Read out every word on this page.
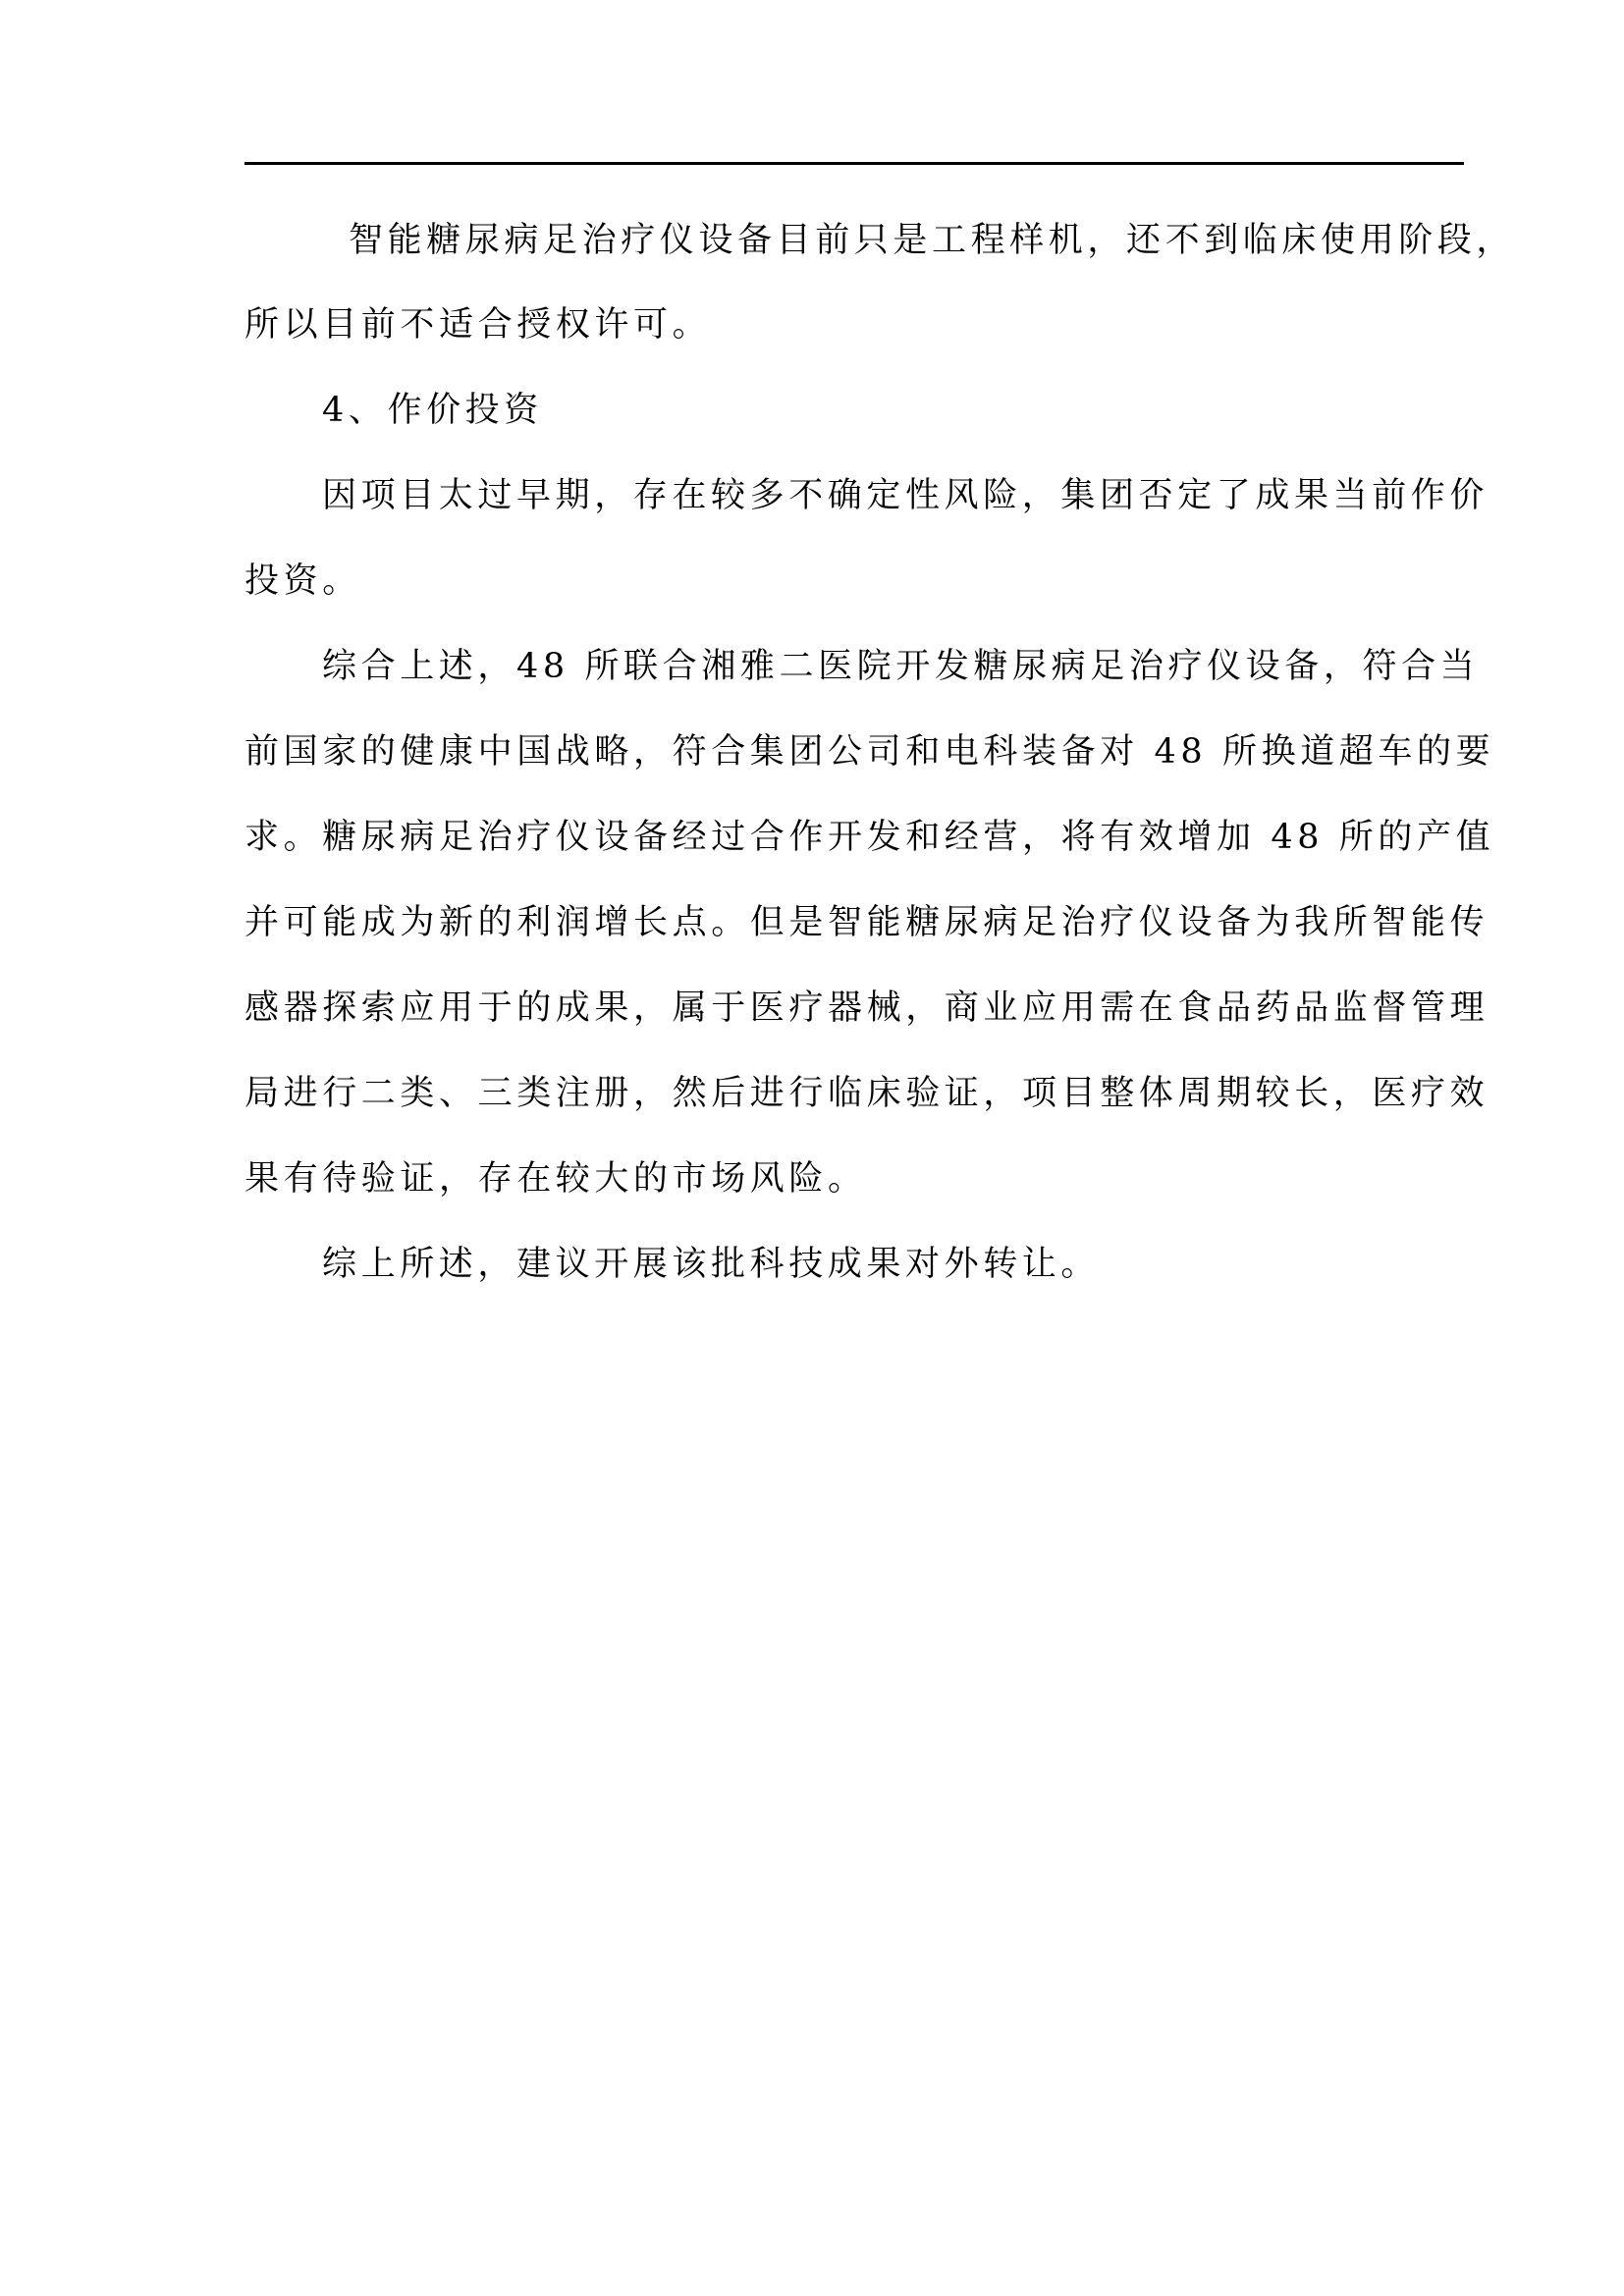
智能糖尿病足治疗仪设备目前只是工程样机，还不到临床使用阶段，
所以目前不适合授权许可。
4、作价投资
因项目太过早期，存在较多不确定性风险，集团否定了成果当前作价
投资。
综合上述，48 所联合湘雅二医院开发糖尿病足治疗仪设备，符合当
前国家的健康中国战略，符合集团公司和电科装备对 48 所换道超车的要
求。糖尿病足治疗仪设备经过合作开发和经营，将有效增加 48 所的产值
并可能成为新的利润增长点。但是智能糖尿病足治疗仪设备为我所智能传
感器探索应用于的成果，属于医疗器械，商业应用需在食品药品监督管理
局进行二类、三类注册，然后进行临床验证，项目整体周期较长，医疗效
果有待验证，存在较大的市场风险。
综上所述，建议开展该批科技成果对外转让。
